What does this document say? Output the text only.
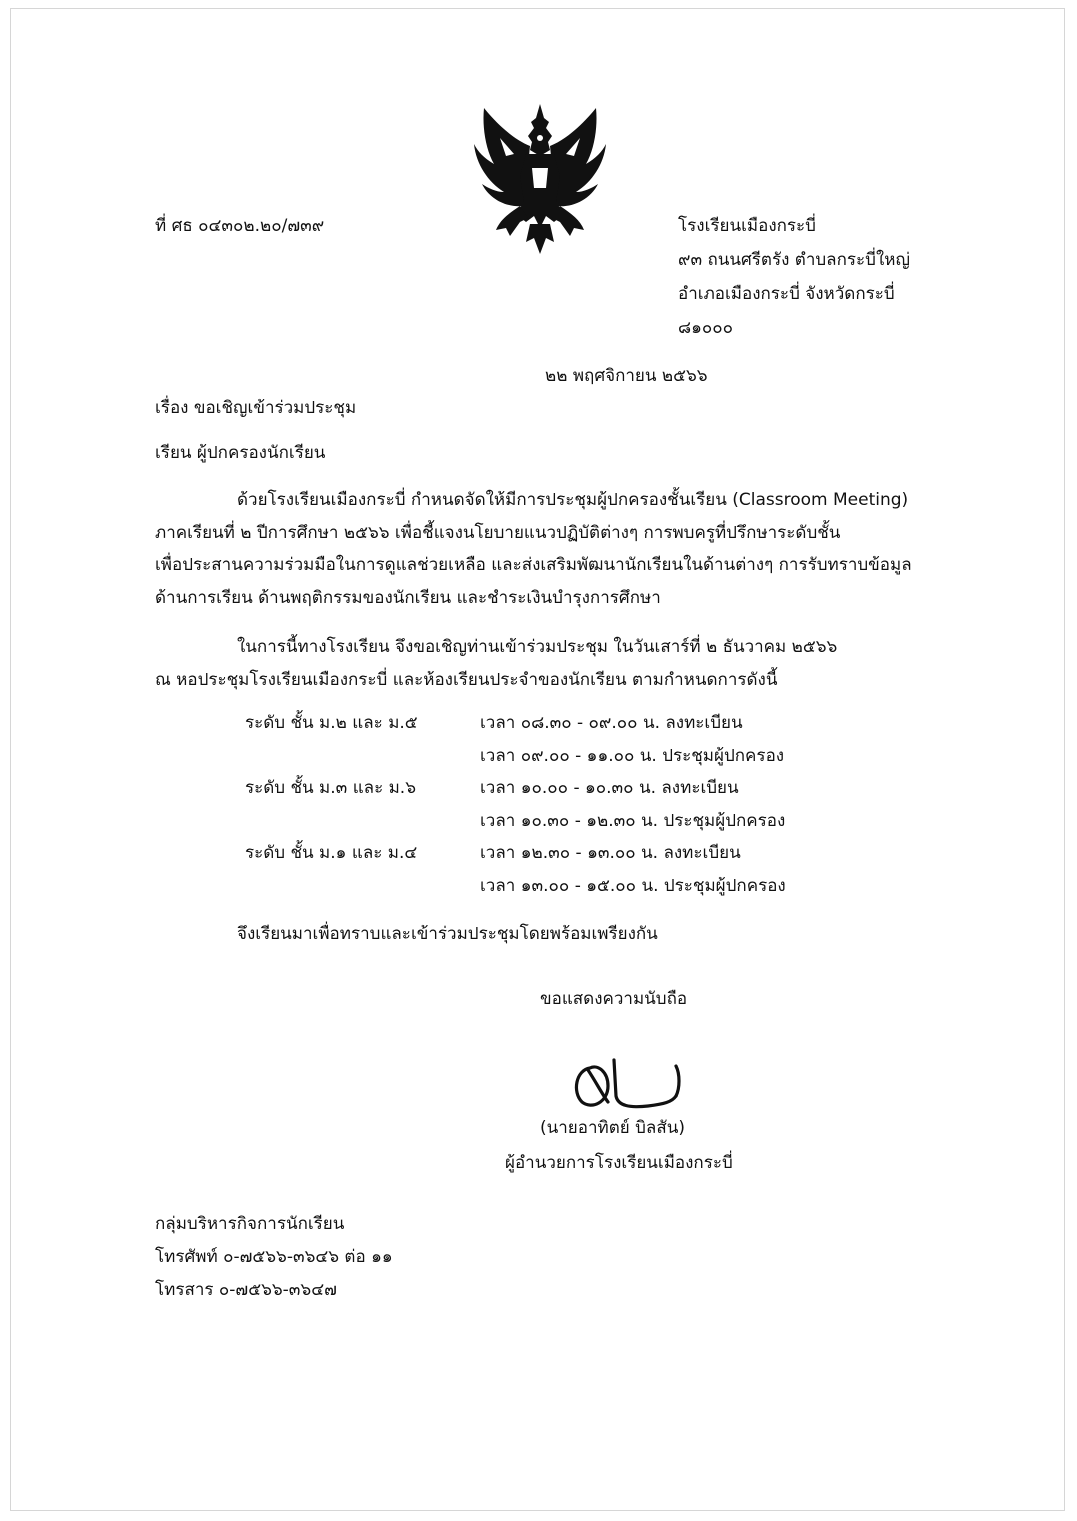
ที่ ศธ ๐๔๓๐๒.๒๐/๗๓๙	โรงเรียนเมืองกระบี่
๙๓ ถนนศรีตรัง ตำบลกระบี่ใหญ่
อำเภอเมืองกระบี่ จังหวัดกระบี่
๘๑๐๐๐
๒๒ พฤศจิกายน ๒๕๖๖
เรื่อง ขอเชิญเข้าร่วมประชุม
เรียน ผู้ปกครองนักเรียน

ด้วยโรงเรียนเมืองกระบี่ กำหนดจัดให้มีการประชุมผู้ปกครองชั้นเรียน (Classroom Meeting)

ภาคเรียนที่ ๒ ปีการศึกษา ๒๕๖๖ เพื่อชี้แจงนโยบายแนวปฏิบัติต่างๆ การพบครูที่ปรึกษาระดับชั้น

เพื่อประสานความร่วมมือในการดูแลช่วยเหลือ และส่งเสริมพัฒนานักเรียนในด้านต่างๆ การรับทราบข้อมูล

ด้านการเรียน ด้านพฤติกรรมของนักเรียน และชำระเงินบำรุงการศึกษา

ในการนี้ทางโรงเรียน จึงขอเชิญท่านเข้าร่วมประชุม ในวันเสาร์ที่ ๒ ธันวาคม ๒๕๖๖

ณ หอประชุมโรงเรียนเมืองกระบี่ และห้องเรียนประจำของนักเรียน ตามกำหนดการดังนี้

ระดับ ชั้น ม.๒ และ ม.๕	เวลา ๐๘.๓๐ - ๐๙.๐๐ น. ลงทะเบียน
เวลา ๐๙.๐๐ - ๑๑.๐๐ น. ประชุมผู้ปกครอง
ระดับ ชั้น ม.๓ และ ม.๖	เวลา ๑๐.๐๐ - ๑๐.๓๐ น. ลงทะเบียน
เวลา ๑๐.๓๐ - ๑๒.๓๐ น. ประชุมผู้ปกครอง
ระดับ ชั้น ม.๑ และ ม.๔	เวลา ๑๒.๓๐ - ๑๓.๐๐ น. ลงทะเบียน
เวลา ๑๓.๐๐ - ๑๕.๐๐ น. ประชุมผู้ปกครอง
จึงเรียนมาเพื่อทราบและเข้าร่วมประชุมโดยพร้อมเพรียงกัน
ขอแสดงความนับถือ
(นายอาทิตย์ บิลสัน)
ผู้อำนวยการโรงเรียนเมืองกระบี่
กลุ่มบริหารกิจการนักเรียน
โทรศัพท์ ๐-๗๕๖๖-๓๖๔๖ ต่อ ๑๑
โทรสาร ๐-๗๕๖๖-๓๖๔๗
